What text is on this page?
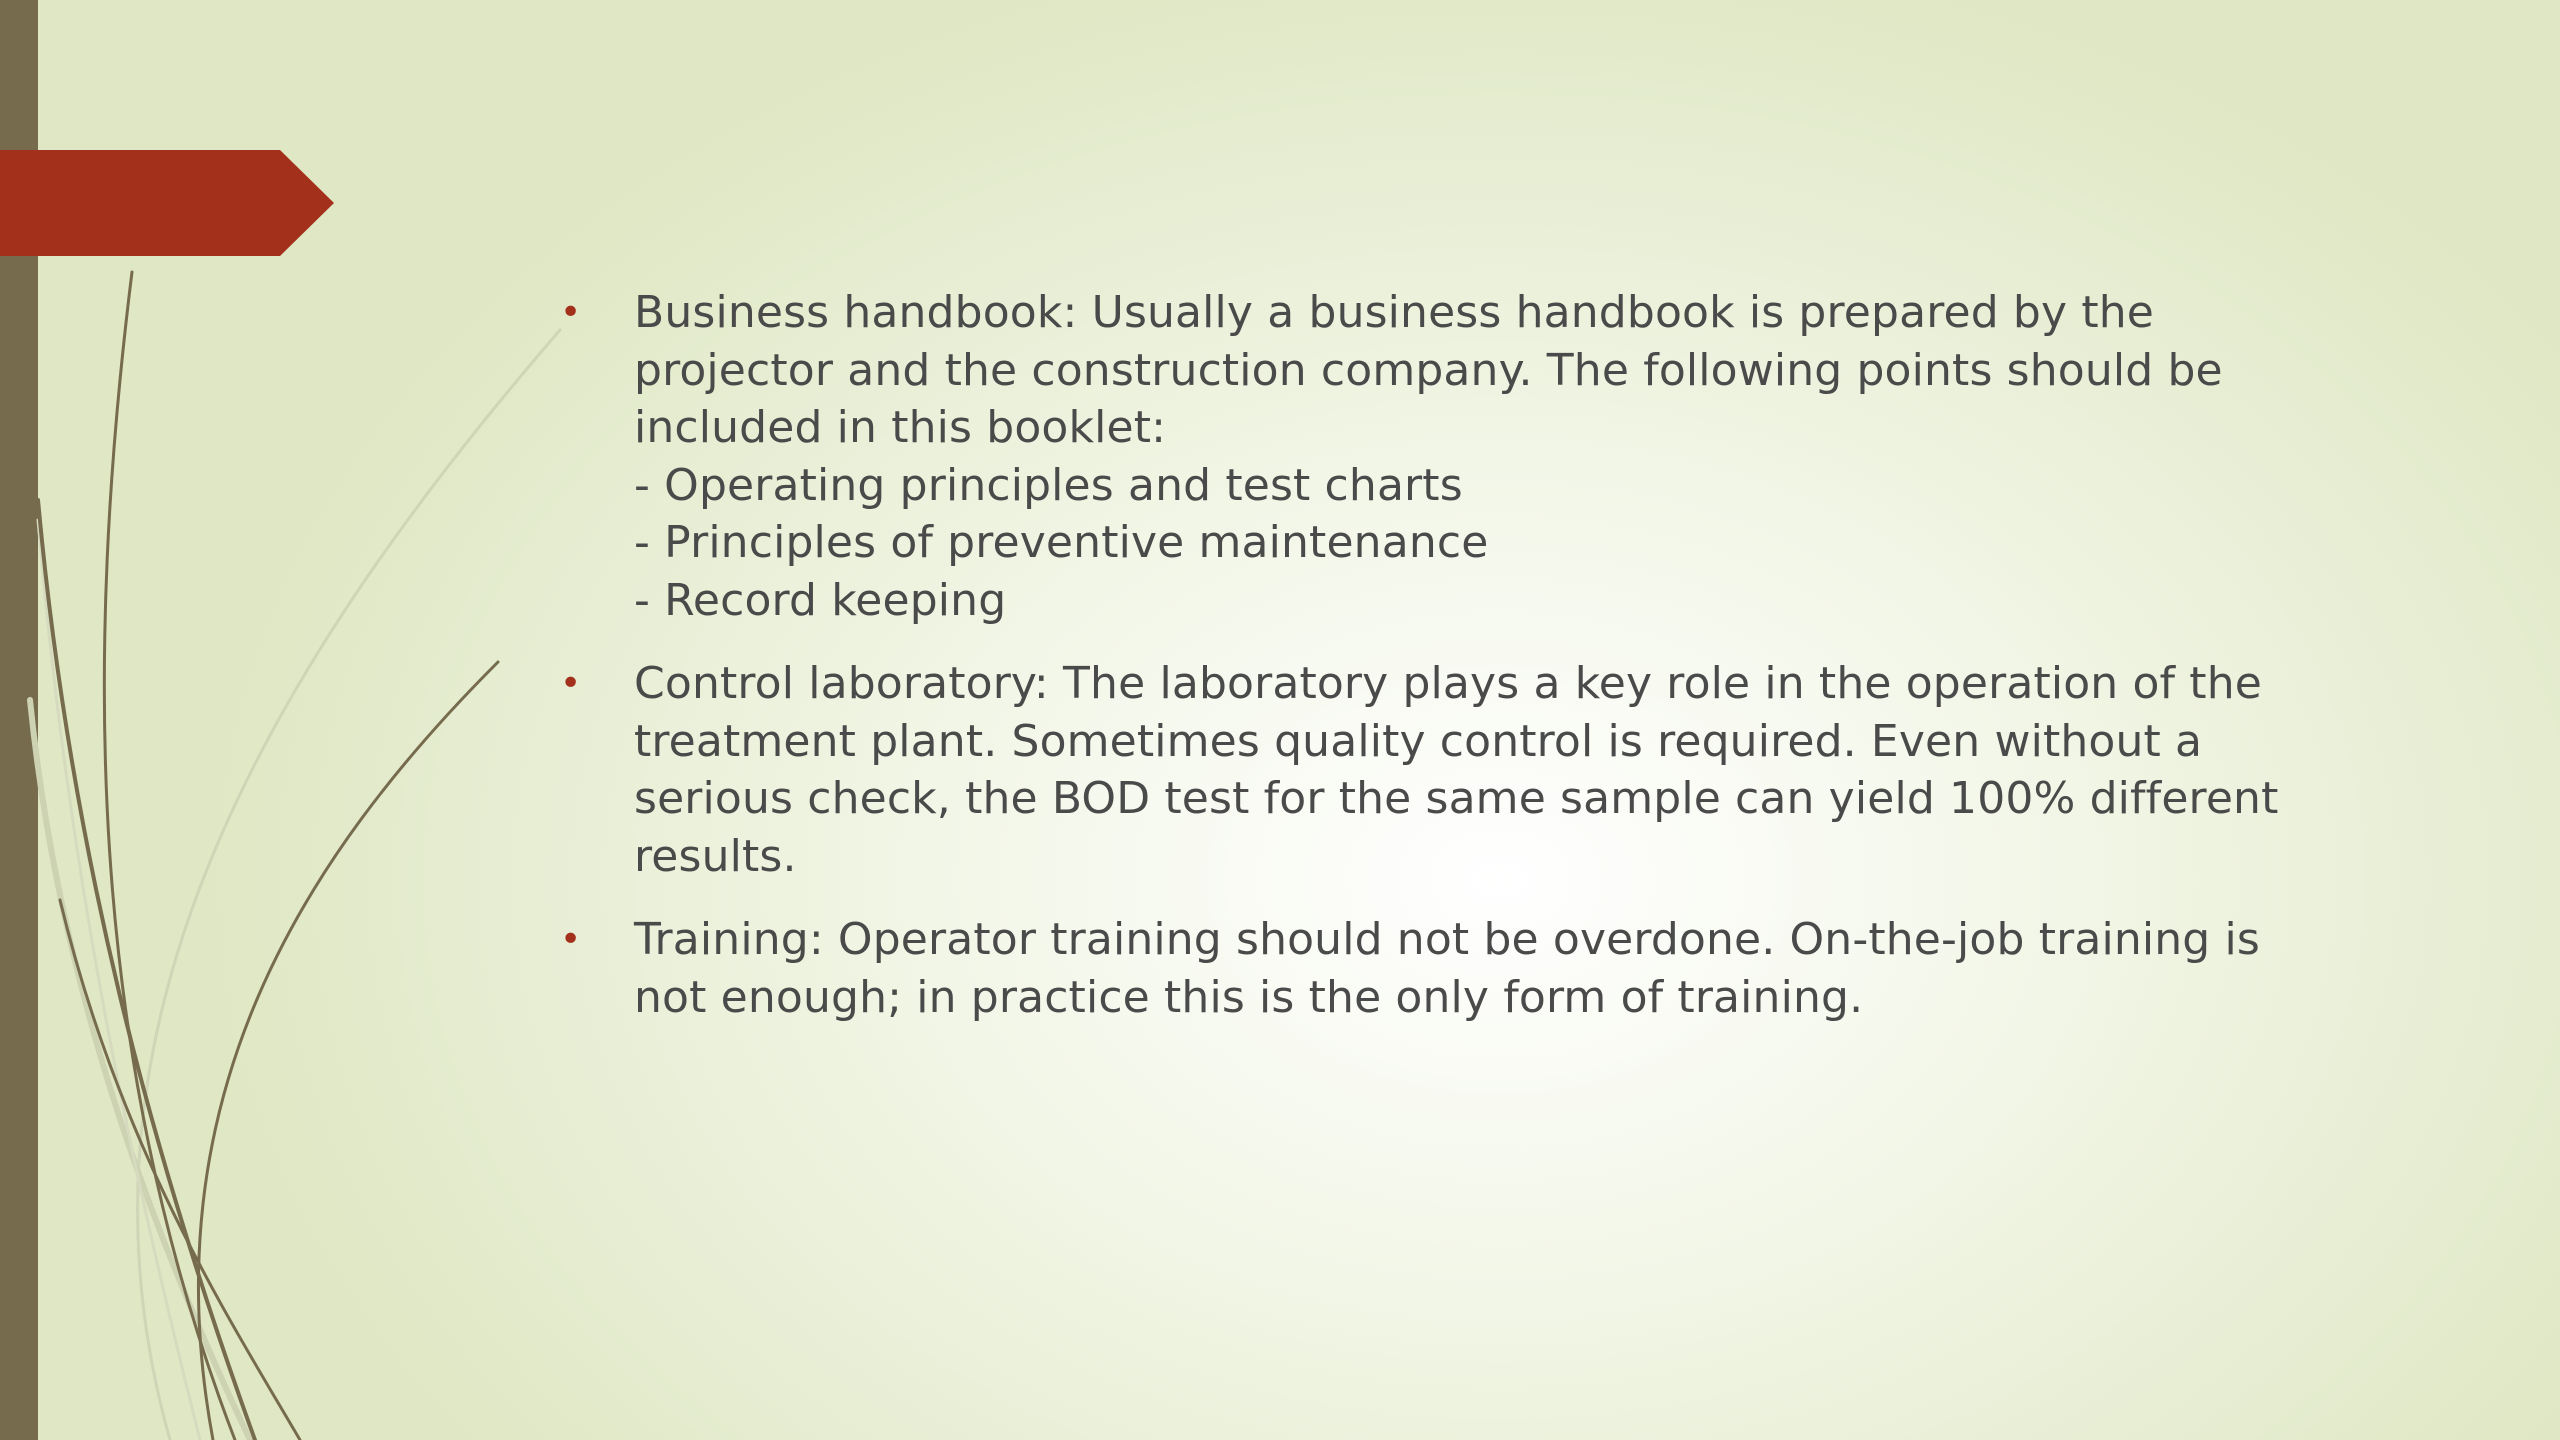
• Business handbook: Usually a business handbook is prepared by the
projector and the construction company. The following points should be
included in this booklet:
- Operating principles and test charts
- Principles of preventive maintenance
- Record keeping
• Control laboratory: The laboratory plays a key role in the operation of the
treatment plant. Sometimes quality control is required. Even without a
serious check, the BOD test for the same sample can yield 100% different
results.
• Training: Operator training should not be overdone. On-the-job training is
not enough; in practice this is the only form of training.
